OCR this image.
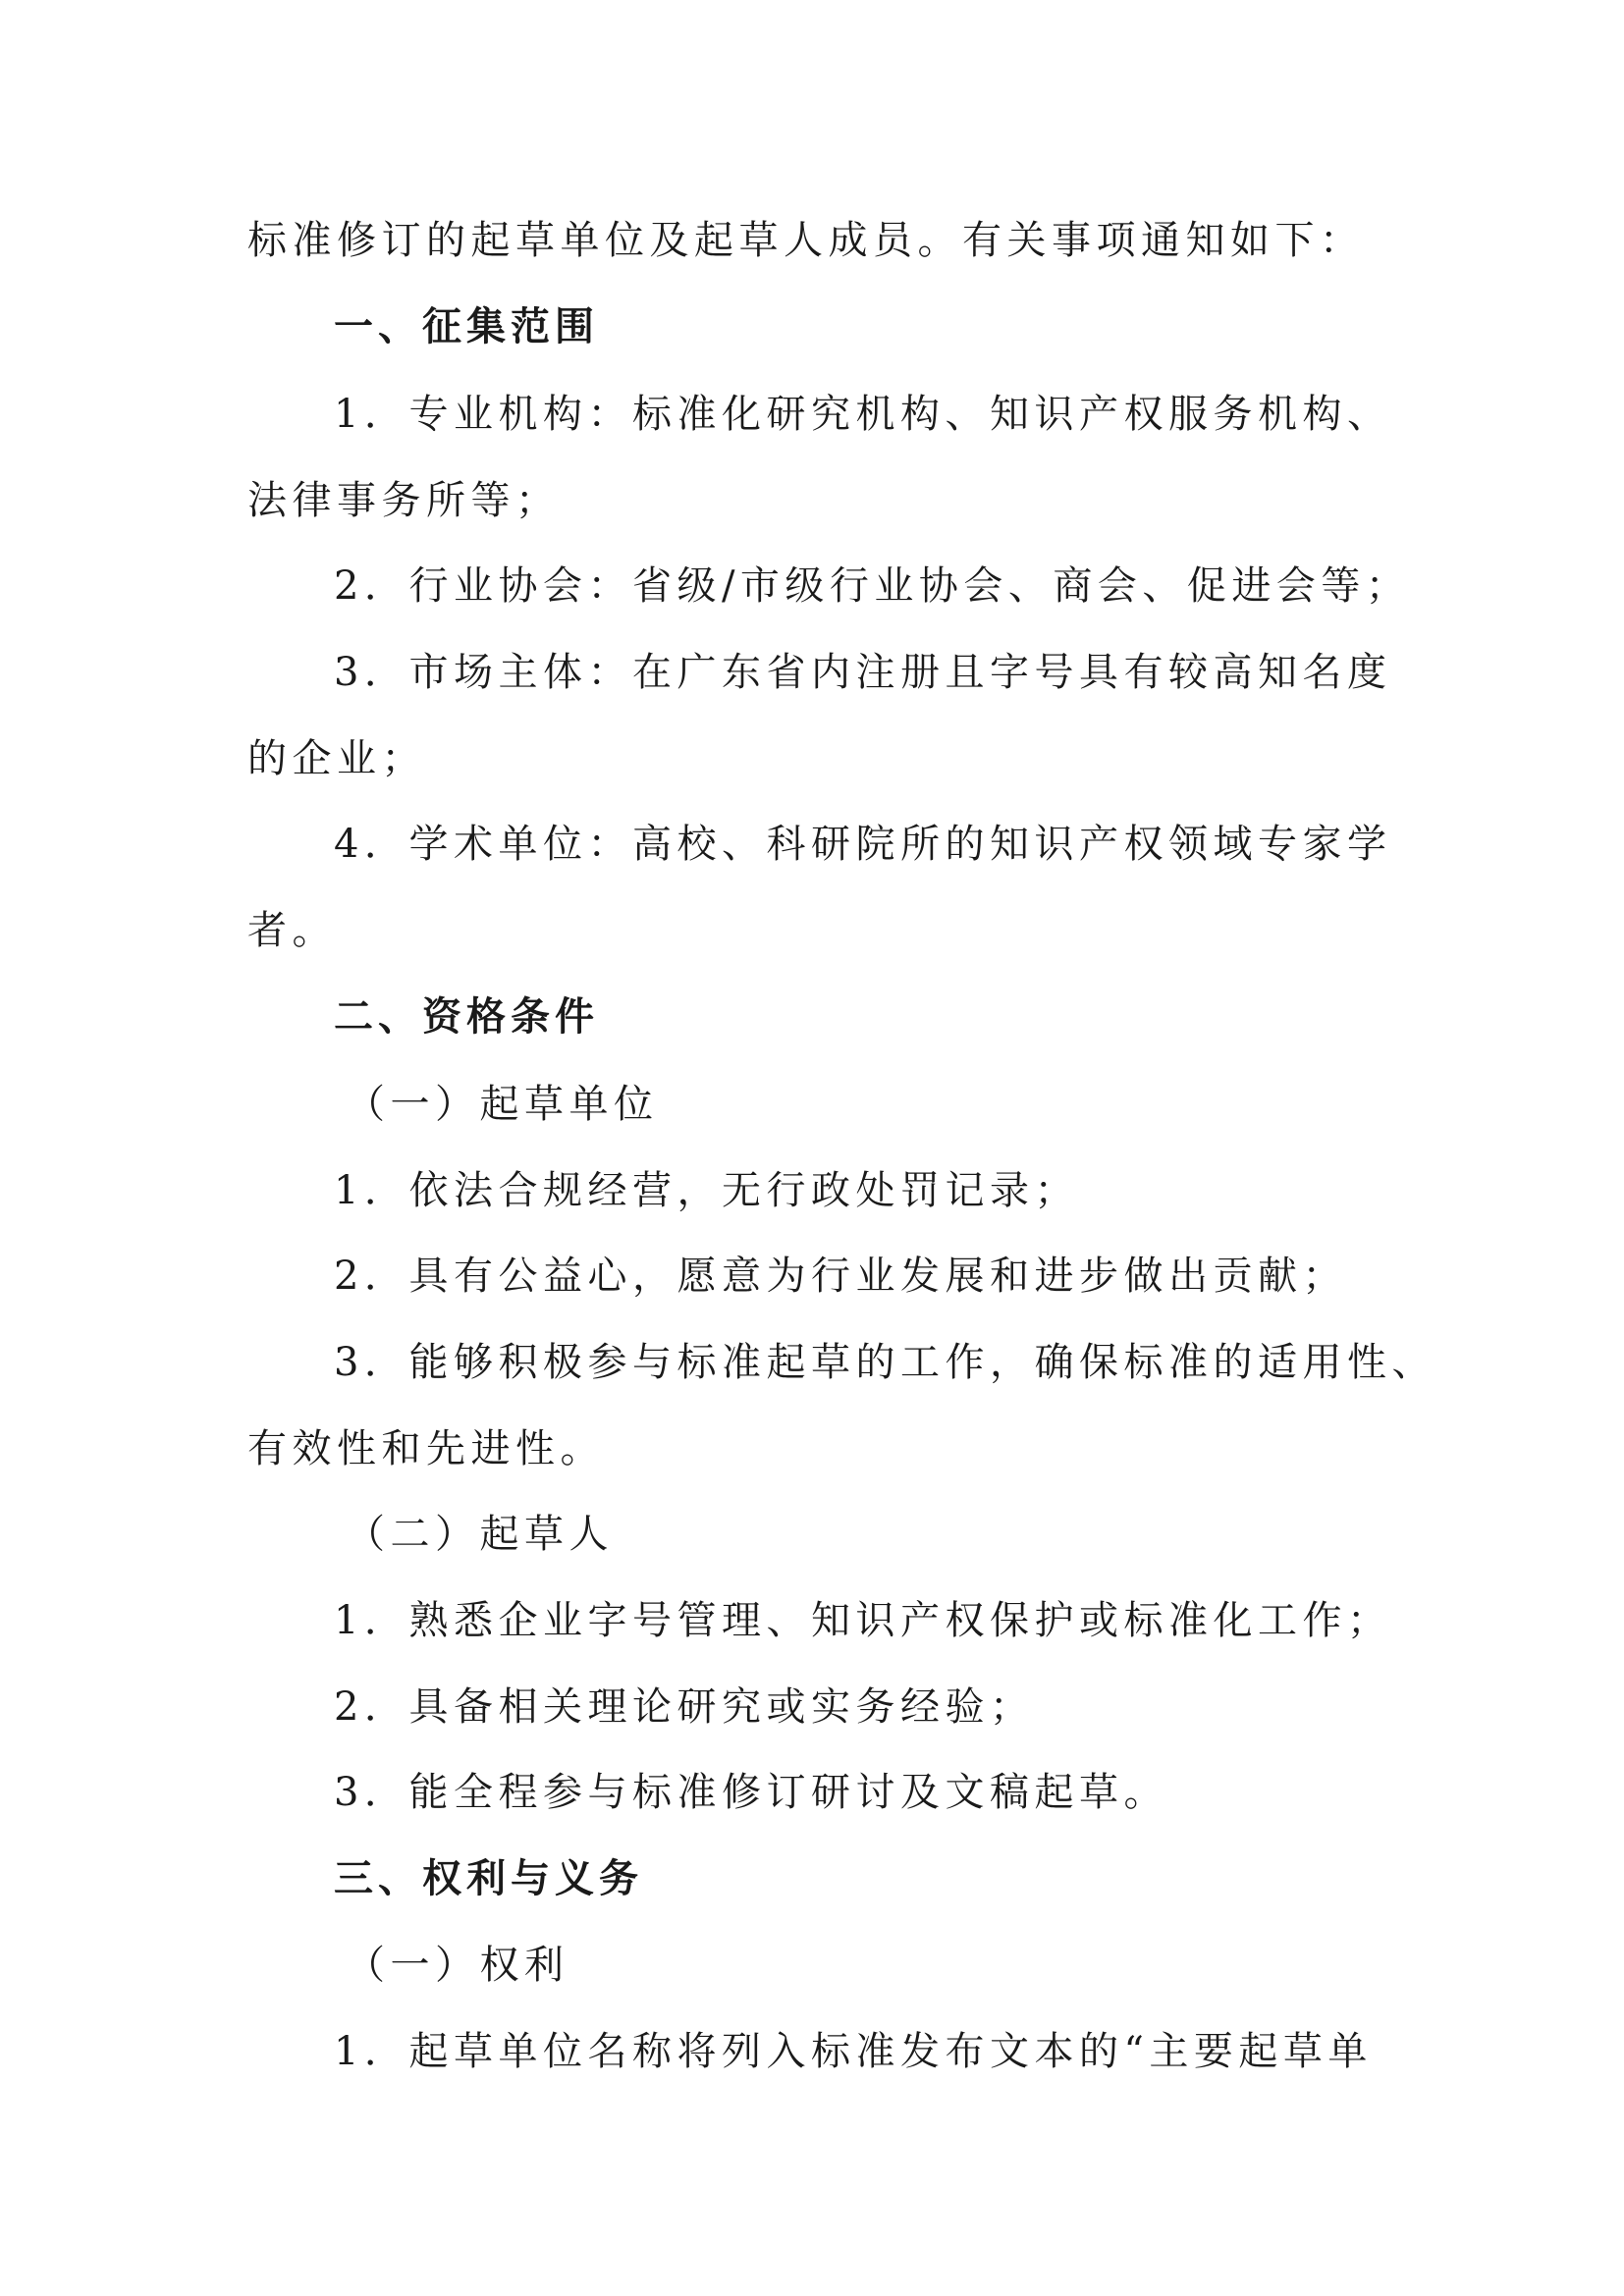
标准修订的起草单位及起草人成员。有关事项通知如下：
一、征集范围
1．专业机构：标准化研究机构、知识产权服务机构、
法律事务所等；
2．行业协会：省级/市级行业协会、商会、促进会等；
3．市场主体：在广东省内注册且字号具有较高知名度
的企业；
4．学术单位：高校、科研院所的知识产权领域专家学
者。
二、资格条件
（一）起草单位
1．依法合规经营，无行政处罚记录；
2．具有公益心，愿意为行业发展和进步做出贡献；
3．能够积极参与标准起草的工作，确保标准的适用性、
有效性和先进性。
（二）起草人
1．熟悉企业字号管理、知识产权保护或标准化工作；
2．具备相关理论研究或实务经验；
3．能全程参与标准修订研讨及文稿起草。
三、权利与义务
（一）权利
1．起草单位名称将列入标准发布文本的“主要起草单
